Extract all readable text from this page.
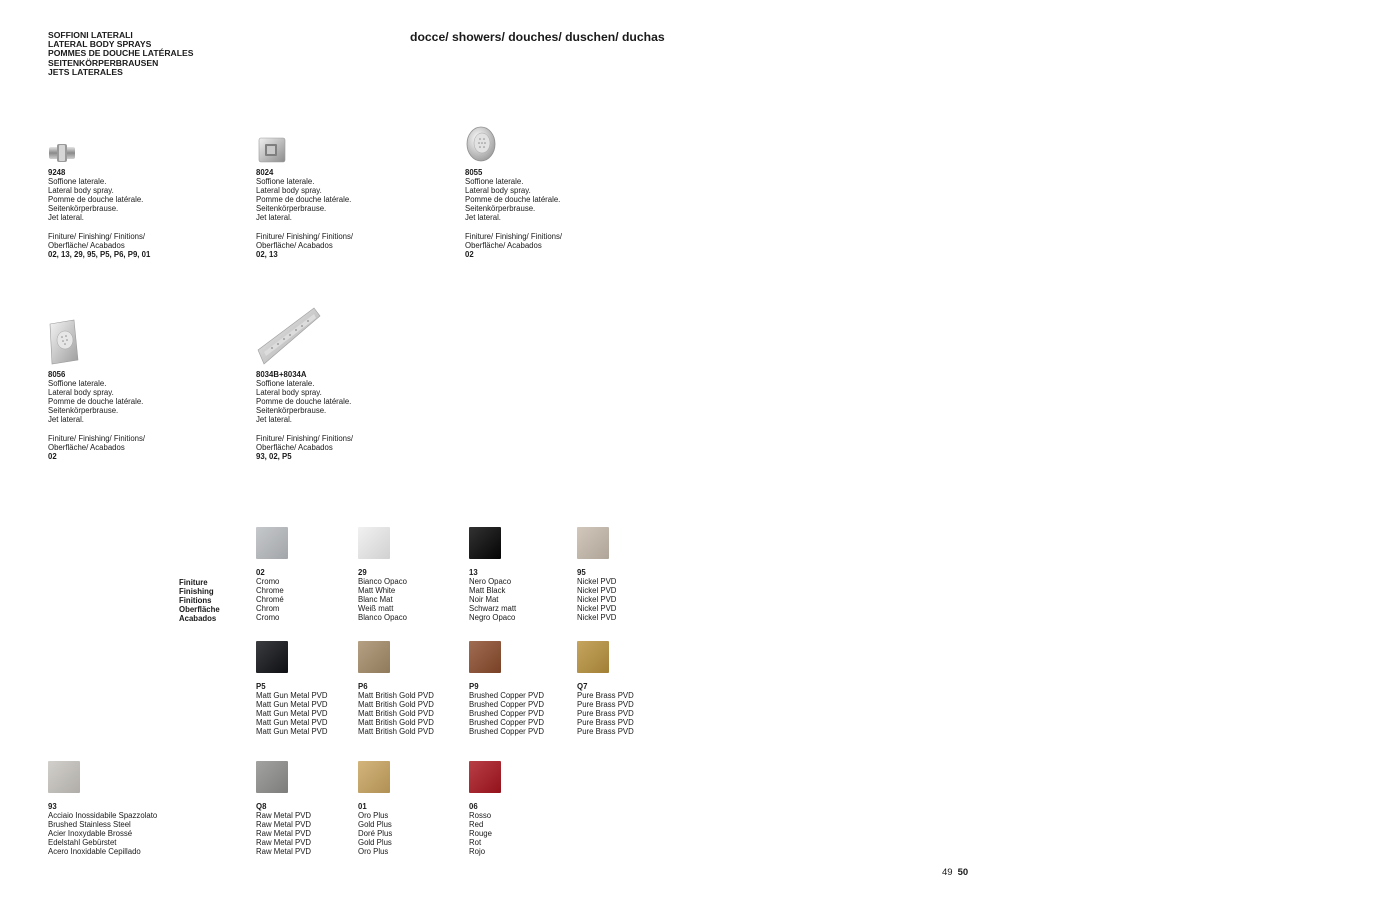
SOFFIONI LATERALI
LATERAL BODY SPRAYS
POMMES DE DOUCHE LATÉRALES
SEITENKÖRPERBRAUSEN
JETS LATERALES
docce/ showers/ douches/ duschen/ duchas
9248
Soffione laterale.
Lateral body spray.
Pomme de douche latérale.
Seitenkörperbrause.
Jet lateral.
Finiture/ Finishing/ Finitions/
Oberfläche/ Acabados
02, 13, 29, 95, P5, P6, P9, 01
8024
Soffione laterale.
Lateral body spray.
Pomme de douche latérale.
Seitenkörperbrause.
Jet lateral.
Finiture/ Finishing/ Finitions/
Oberfläche/ Acabados
02, 13
8055
Soffione laterale.
Lateral body spray.
Pomme de douche latérale.
Seitenkörperbrause.
Jet lateral.
Finiture/ Finishing/ Finitions/
Oberfläche/ Acabados
02
8056
Soffione laterale.
Lateral body spray.
Pomme de douche latérale.
Seitenkörperbrause.
Jet lateral.
Finiture/ Finishing/ Finitions/
Oberfläche/ Acabados
02
8034B+8034A
Soffione laterale.
Lateral body spray.
Pomme de douche latérale.
Seitenkörperbrause.
Jet lateral.
Finiture/ Finishing/ Finitions/
Oberfläche/ Acabados
93, 02, P5
Finiture
Finishing
Finitions
Oberfläche
Acabados
02
Cromo
Chrome
Chromé
Chrom
Cromo
29
Bianco Opaco
Matt White
Blanc Mat
Weiß matt
Blanco Opaco
13
Nero Opaco
Matt Black
Noir Mat
Schwarz matt
Negro Opaco
95
Nickel PVD
Nickel PVD
Nickel PVD
Nickel PVD
Nickel PVD
P5
Matt Gun Metal PVD
Matt Gun Metal PVD
Matt Gun Metal PVD
Matt Gun Metal PVD
Matt Gun Metal PVD
P6
Matt British Gold PVD
Matt British Gold PVD
Matt British Gold PVD
Matt British Gold PVD
Matt British Gold PVD
P9
Brushed Copper PVD
Brushed Copper PVD
Brushed Copper PVD
Brushed Copper PVD
Brushed Copper PVD
Q7
Pure Brass PVD
Pure Brass PVD
Pure Brass PVD
Pure Brass PVD
Pure Brass PVD
93
Acciaio Inossidabile Spazzolato
Brushed Stainless Steel
Acier Inoxydable Brossé
Edelstahl Gebürstet
Acero Inoxidable Cepillado
Q8
Raw Metal PVD
Raw Metal PVD
Raw Metal PVD
Raw Metal PVD
Raw Metal PVD
01
Oro Plus
Gold Plus
Doré Plus
Gold Plus
Oro Plus
06
Rosso
Red
Rouge
Rot
Rojo
49 50
